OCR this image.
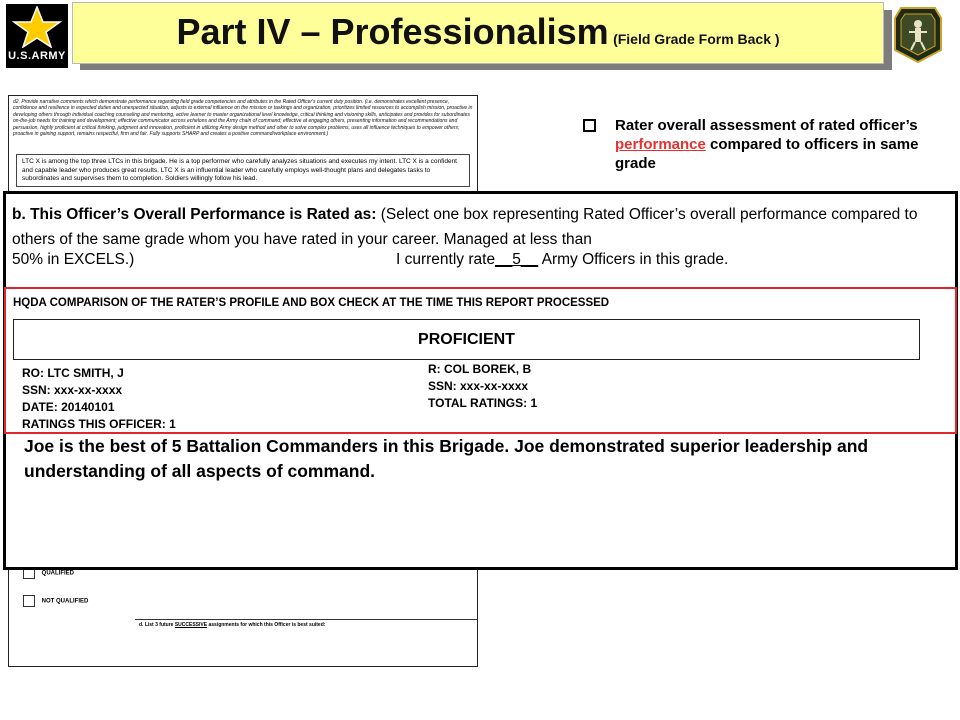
U.S.ARMY
Part IV – Professionalism (Field Grade Form Back )
d2. Provide narrative comments which demonstrate performance regarding field grade competencies and attributes in the Rated Officer's current duty position. (i.e. demonstrates excellent presence, confidence and resilience in expected duties and unexpected situation, adjusts to external influence on the mission or taskings and organization, prioritizes limited resources to accomplish mission, proactive in developing others through individual coaching counseling and mentoring, active learner to master organizational level knowledge, critical thinking and visioning skills, anticipates and provides for subordinates on-the-job needs for training and development; effective communicator across echelons and the Army chain of command; effective at engaging others, presenting information and recommendations and persuasion, highly proficient at critical thinking, judgment and innovation, proficient in utilizing Army design method and other to solve complex problems, uses all influence techniques to empower others; proactive in gaining support, remains respectful, firm and fair. Fully supports SHARP and creates a positive command/workplace environment.)
LTC X is among the top three LTCs in this brigade. He is a top performer who carefully analyzes situations and executes my intent. LTC X is a confident and capable leader who produces great results. LTC X is an influential leader who carefully employs well-thought plans and delegates tasks to subordinates and supervises them to completion. Soldiers willingly follow his lead.
QUALIFIED
NOT QUALIFIED
d. List 3 future SUCCESSIVE assignments for which this Officer is best suited:
Rater overall assessment of rated officer’s performance compared to officers in same grade
b. This Officer’s Overall Performance is Rated as: (Select one box representing Rated Officer’s overall performance compared to others of the same grade whom you have rated in your career. Managed at less than
50% in EXCELS.)	I currently rate__5__ Army Officers in this grade.
HQDA COMPARISON OF THE RATER’S PROFILE AND BOX CHECK AT THE TIME THIS REPORT PROCESSED
PROFICIENT
RO: LTC SMITH, J
SSN: xxx-xx-xxxx
DATE: 20140101
RATINGS THIS OFFICER: 1
R: COL BOREK, B
SSN: xxx-xx-xxxx
TOTAL RATINGS: 1
Joe is the best of 5 Battalion Commanders in this Brigade. Joe demonstrated superior leadership and understanding of all aspects of command.
